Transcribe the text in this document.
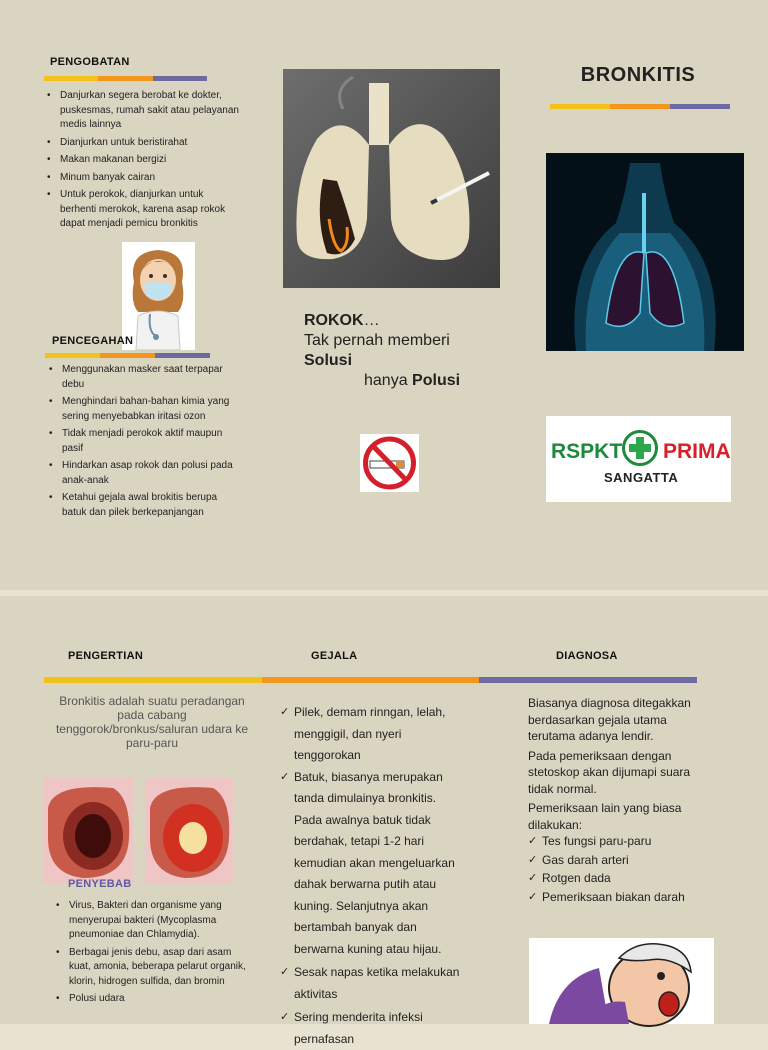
PENGOBATAN
• Danjurkan segera berobat ke dokter, puskesmas, rumah sakit atau pelayanan medis lainnya
• Dianjurkan untuk beristirahat
• Makan makanan bergizi
• Minum banyak cairan
• Untuk perokok, dianjurkan untuk berhenti merokok, karena asap rokok dapat menjadi pemicu bronkitis
PENCEGAHAN
• Menggunakan masker saat terpapar debu
• Menghindari bahan-bahan kimia yang sering menyebabkan iritasi ozon
• Tidak menjadi perokok aktif maupun pasif
• Hindarkan asap rokok dan polusi pada anak-anak
• Ketahui gejala awal brokitis berupa batuk dan pilek berkepanjangan
ROKOK…
Tak pernah memberi
Solusi
hanya Polusi
BRONKITIS
RSPKT PRIMA
SANGATTA
PENGERTIAN	GEJALA	DIAGNOSA
Bronkitis adalah suatu peradangan pada cabang tenggorok/bronkus/saluran udara ke paru-paru
PENYEBAB
• Virus, Bakteri dan organisme yang menyerupai bakteri (Mycoplasma pneumoniae dan Chlamydia).
• Berbagai jenis debu, asap dari asam kuat, amonia, beberapa pelarut organik, klorin, hidrogen sulfida, dan bromin
• Polusi udara
✓ Pilek, demam rinngan, lelah, menggigil, dan nyeri tenggorokan
✓ Batuk, biasanya merupakan tanda dimulainya bronkitis. Pada awalnya batuk tidak berdahak, tetapi 1-2 hari kemudian akan mengeluarkan dahak berwarna putih atau kuning. Selanjutnya akan bertambah banyak dan berwarna kuning atau hijau.
✓ Sesak napas ketika melakukan aktivitas
✓ Sering menderita infeksi pernafasan
Biasanya diagnosa ditegakkan berdasarkan gejala utama terutama adanya lendir.
Pada pemeriksaan dengan stetoskop akan dijumapi suara tidak normal.
Pemeriksaan lain yang biasa dilakukan:
✓ Tes fungsi paru-paru
✓ Gas darah arteri
✓ Rotgen dada
✓ Pemeriksaan biakan darah
